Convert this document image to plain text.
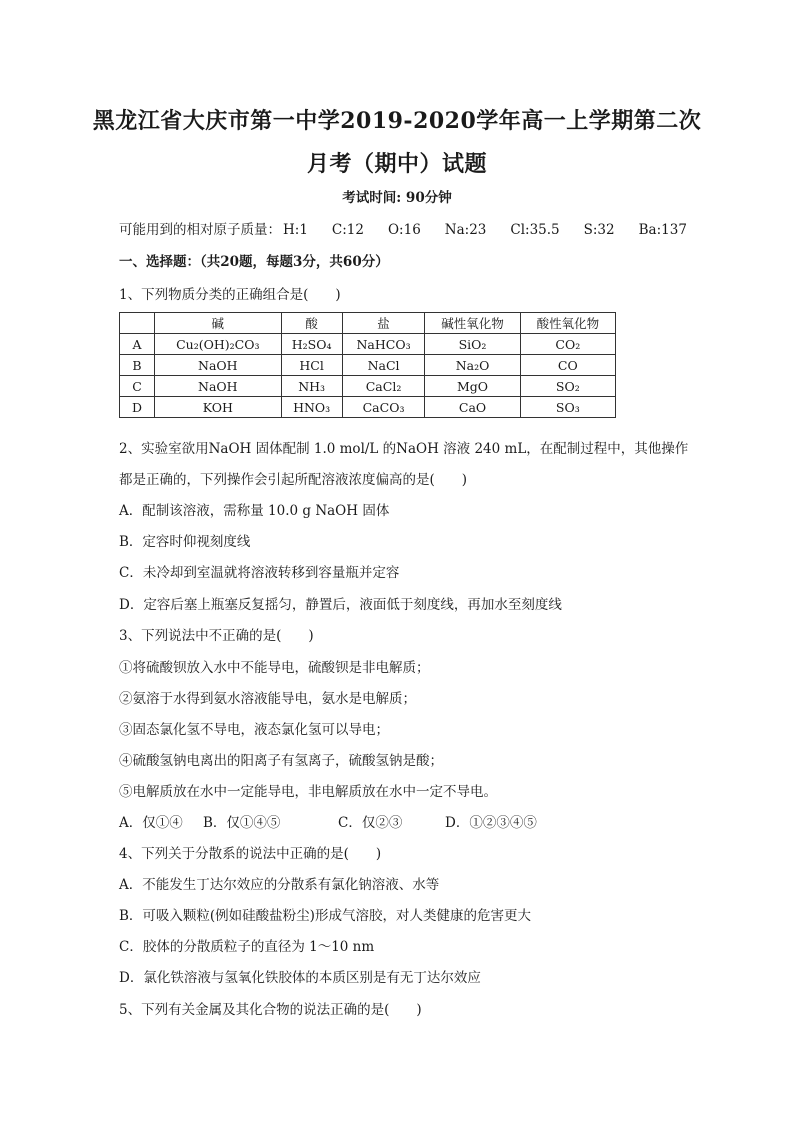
黑龙江省大庆市第一中学2019-2020学年高一上学期第二次
月考（期中）试题
考试时间: 90分钟
可能用到的相对原子质量： H:1 C:12 O:16 Na:23 Cl:35.5 S:32 Ba:137
一、选择题：（共20题，每题3分，共60分）
1、下列物质分类的正确组合是(　　)
	碱	酸	盐	碱性氧化物	酸性氧化物
A	Cu₂(OH)₂CO₃	H₂SO₄	NaHCO₃	SiO₂	CO₂
B	NaOH	HCl	NaCl	Na₂O	CO
C	NaOH	NH₃	CaCl₂	MgO	SO₂
D	KOH	HNO₃	CaCO₃	CaO	SO₃
2、实验室欲用NaOH 固体配制 1.0 mol/L 的NaOH 溶液 240 mL，在配制过程中，其他操作
都是正确的，下列操作会引起所配溶液浓度偏高的是(　　)
A．配制该溶液，需称量 10.0 g NaOH 固体
B．定容时仰视刻度线
C．未冷却到室温就将溶液转移到容量瓶并定容
D．定容后塞上瓶塞反复摇匀，静置后，液面低于刻度线，再加水至刻度线
3、下列说法中不正确的是(　　)
①将硫酸钡放入水中不能导电，硫酸钡是非电解质；
②氨溶于水得到氨水溶液能导电，氨水是电解质；
③固态氯化氢不导电，液态氯化氢可以导电；
④硫酸氢钠电离出的阳离子有氢离子，硫酸氢钠是酸；
⑤电解质放在水中一定能导电，非电解质放在水中一定不导电。
A．仅①④ B．仅①④⑤	C．仅②③	D．①②③④⑤
4、下列关于分散系的说法中正确的是(　　)
A．不能发生丁达尔效应的分散系有氯化钠溶液、水等
B．可吸入颗粒(例如硅酸盐粉尘)形成气溶胶，对人类健康的危害更大
C．胶体的分散质粒子的直径为 1～10 nm
D．氯化铁溶液与氢氧化铁胶体的本质区别是有无丁达尔效应
5、下列有关金属及其化合物的说法正确的是(　　)
